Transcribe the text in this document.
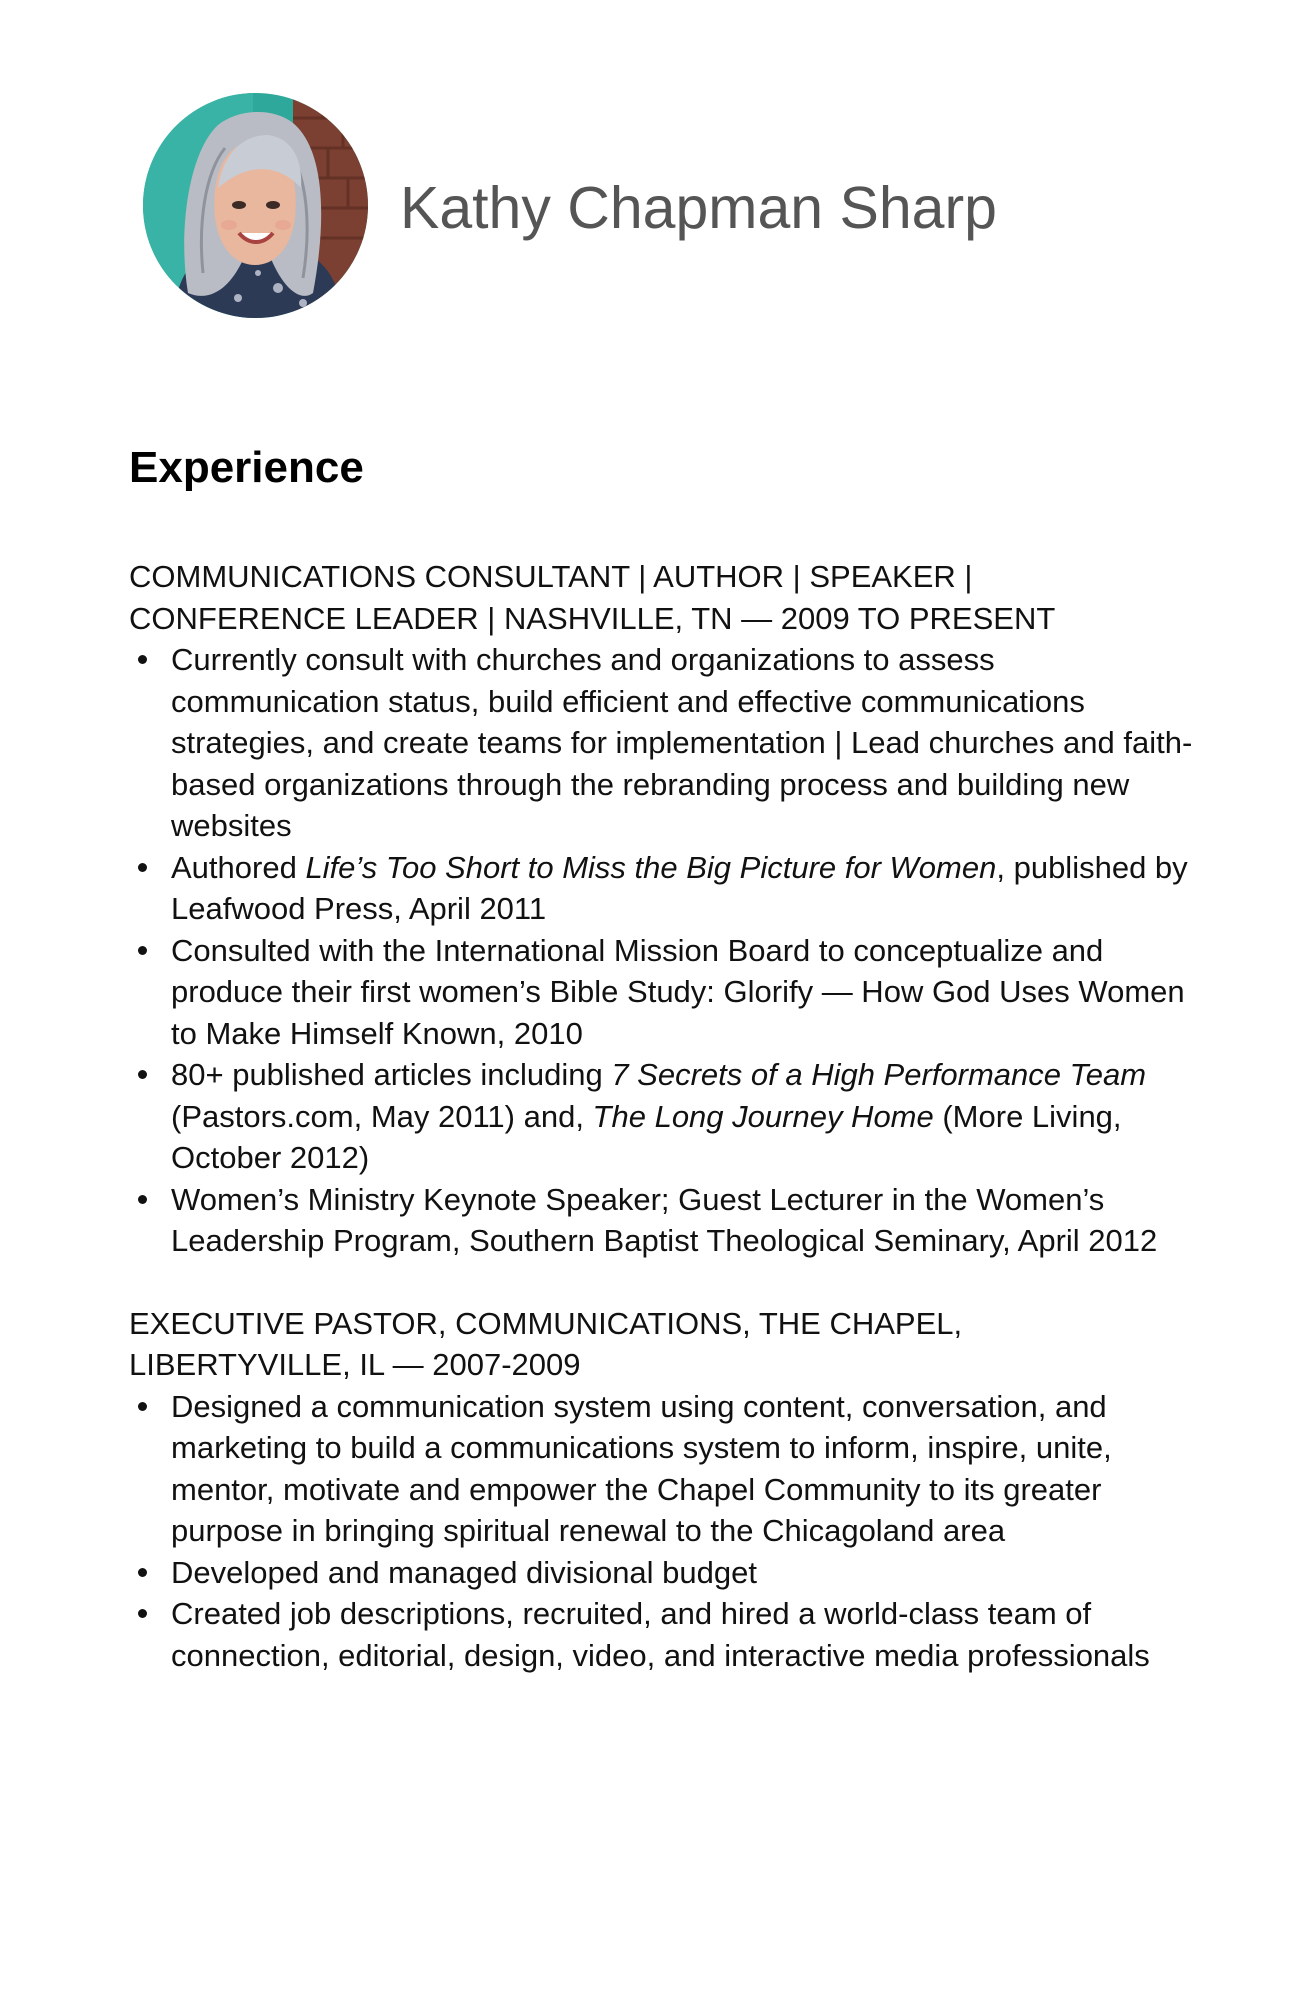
Kathy Chapman Sharp
Experience

COMMUNICATIONS CONSULTANT | AUTHOR | SPEAKER | CONFERENCE LEADER | NASHVILLE, TN — 2009 TO PRESENT

Currently consult with churches and organizations to assess communication status, build efficient and effective communications strategies, and create teams for implementation | Lead churches and faith-based organizations through the rebranding process and building new websites
Authored Life’s Too Short to Miss the Big Picture for Women, published by Leafwood Press, April 2011
Consulted with the International Mission Board to conceptualize and produce their first women’s Bible Study: Glorify — How God Uses Women to Make Himself Known, 2010
80+ published articles including 7 Secrets of a High Performance Team (Pastors.com, May 2011) and, The Long Journey Home (More Living, October 2012)
Women’s Ministry Keynote Speaker; Guest Lecturer in the Women’s Leadership Program, Southern Baptist Theological Seminary, April 2012

EXECUTIVE PASTOR, COMMUNICATIONS, THE CHAPEL, LIBERTYVILLE, IL — 2007-2009

Designed a communication system using content, conversation, and marketing to build a communications system to inform, inspire, unite, mentor, motivate and empower the Chapel Community to its greater purpose in bringing spiritual renewal to the Chicagoland area
Developed and managed divisional budget
Created job descriptions, recruited, and hired a world-class team of connection, editorial, design, video, and interactive media professionals
